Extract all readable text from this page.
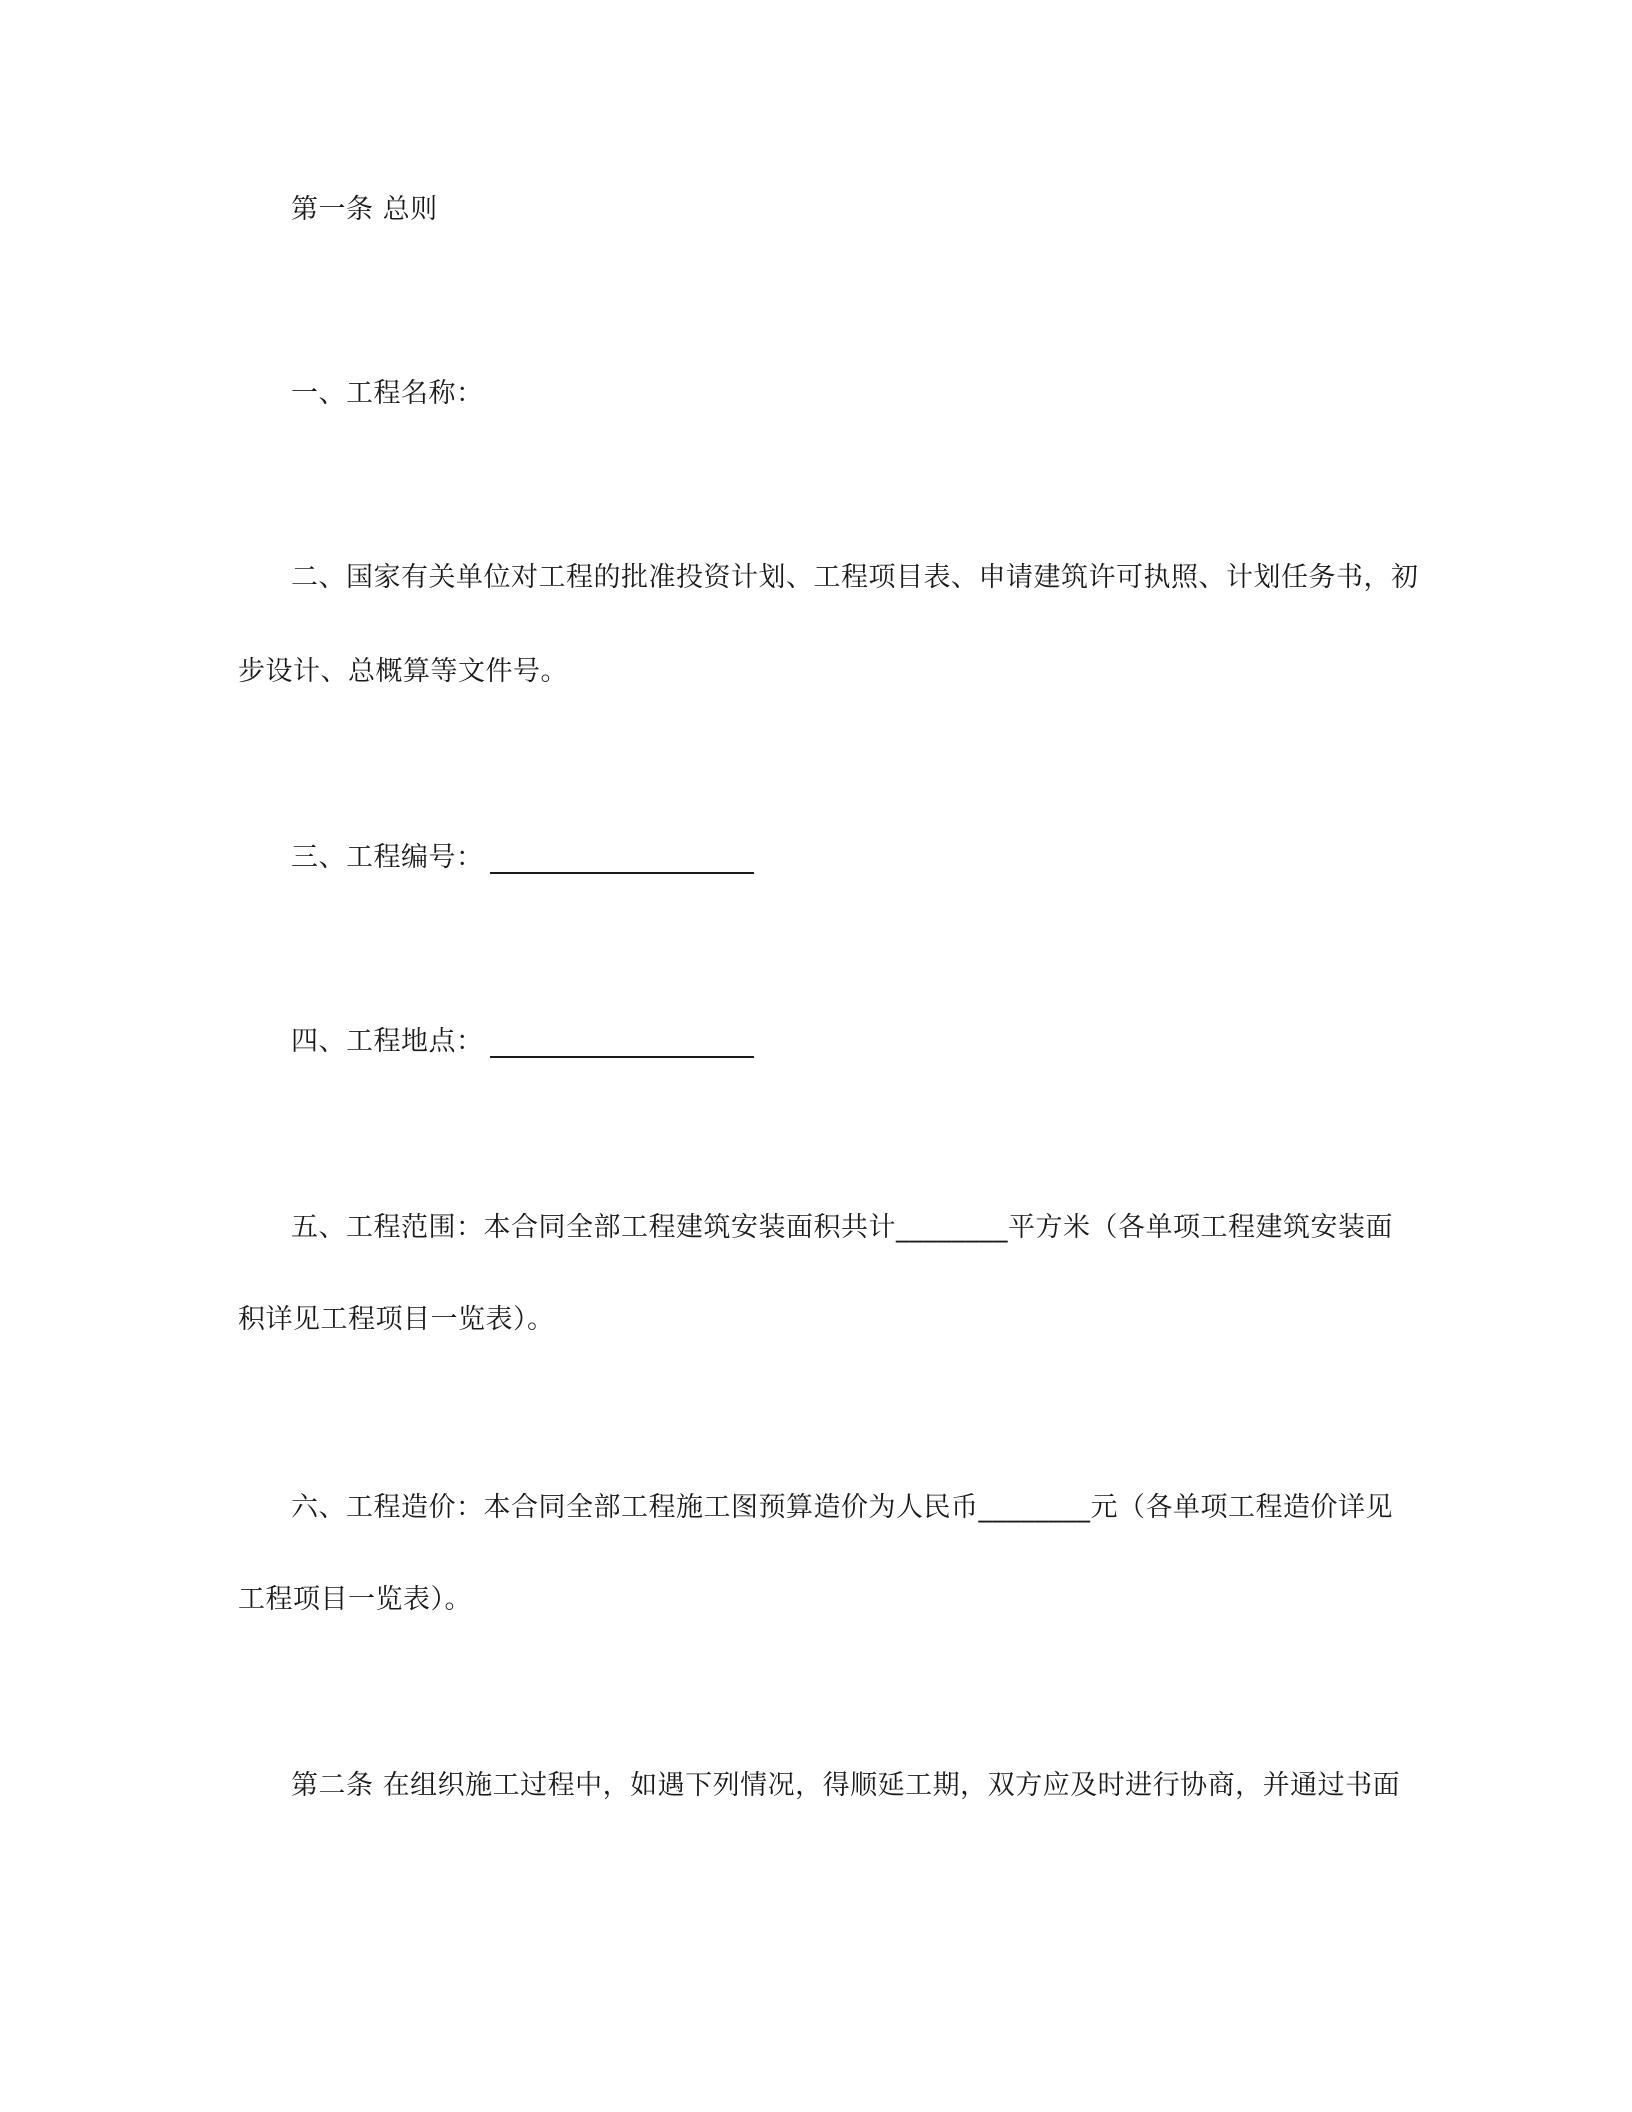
第一条 总则
一、工程名称：
二、国家有关单位对工程的批准投资计划、工程项目表、申请建筑许可执照、计划任务书，初
步设计、总概算等文件号。
三、工程编号：
四、工程地点：
五、工程范围：本合同全部工程建筑安装面积共计________平方米（各单项工程建筑安装面
积详见工程项目一览表）。
六、工程造价：本合同全部工程施工图预算造价为人民币________元（各单项工程造价详见
工程项目一览表）。
第二条 在组织施工过程中，如遇下列情况，得顺延工期，双方应及时进行协商，并通过书面
